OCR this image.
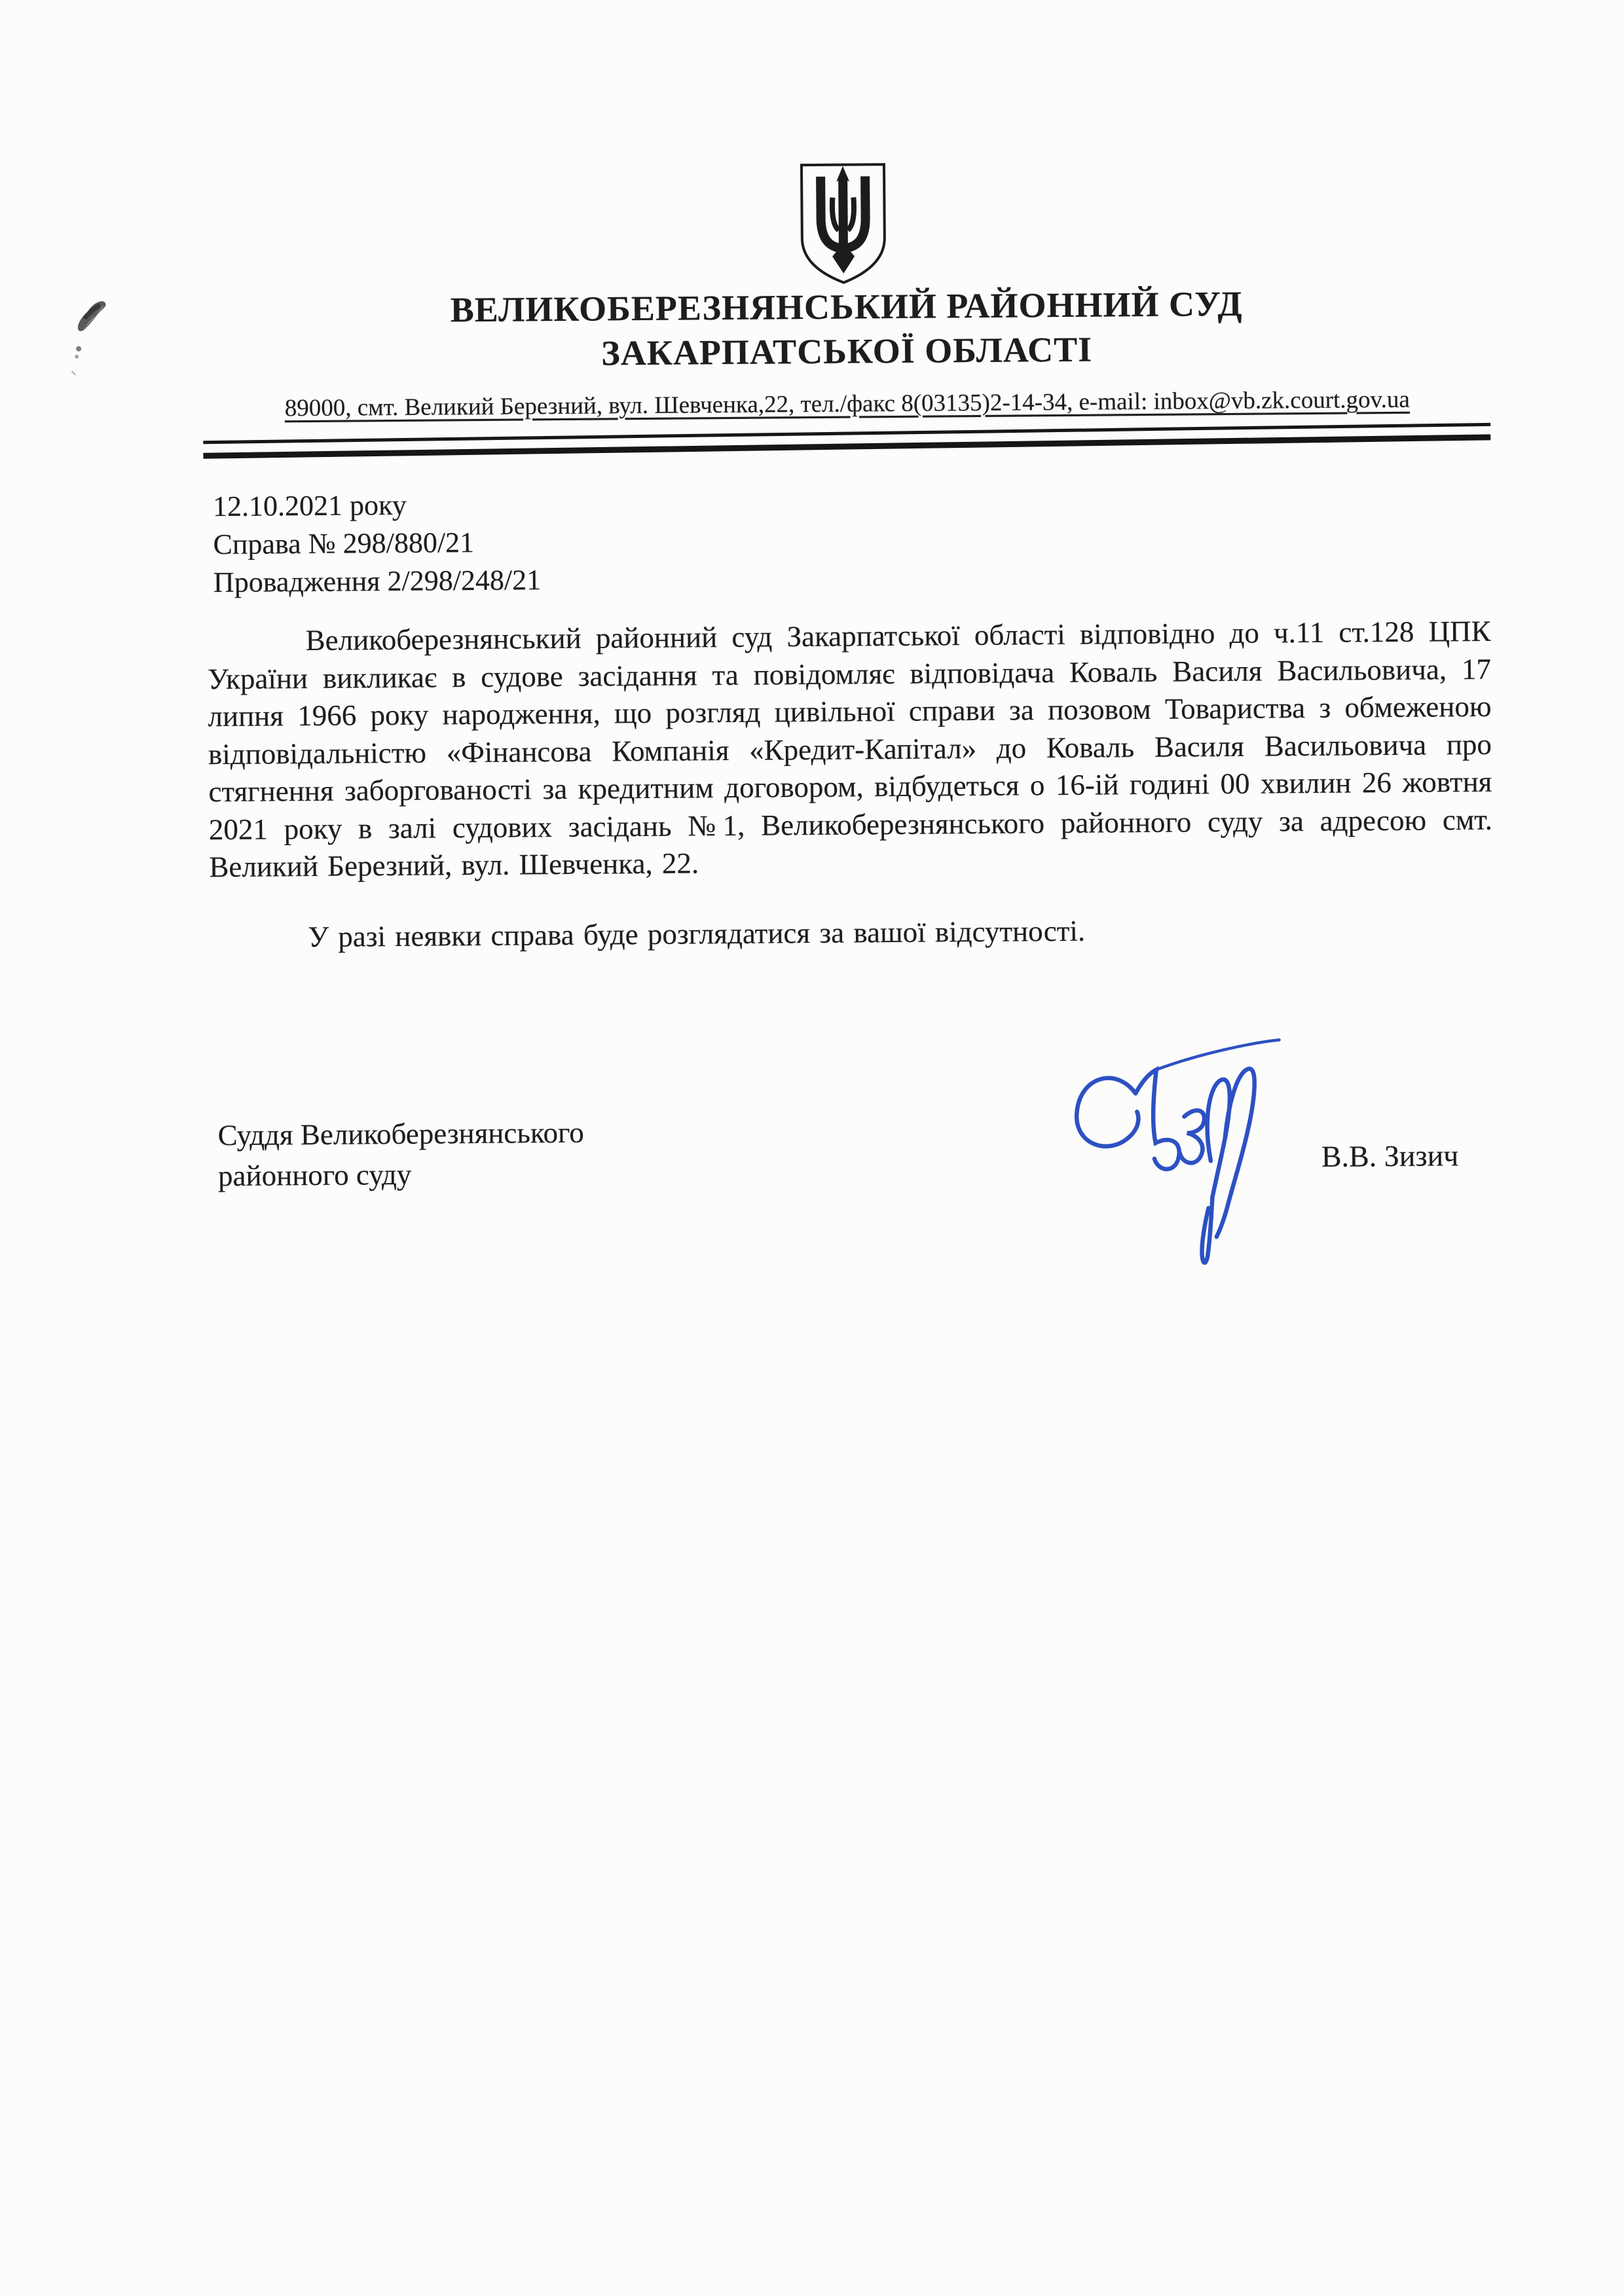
ВЕЛИКОБЕРЕЗНЯНСЬКИЙ РАЙОННИЙ СУД
ЗАКАРПАТСЬКОЇ ОБЛАСТІ
89000, смт. Великий Березний, вул. Шевченка,22, тел./факс 8(03135)2-14-34, e-mail: inbox@vb.zk.court.gov.ua
12.10.2021 року
Справа № 298/880/21
Провадження 2/298/248/21

Великоберезнянський районний суд Закарпатської області відповідно до ч.11 ст.128 ЦПК України викликає в судове засідання та повідомляє відповідача Коваль Василя Васильовича, 17 липня 1966 року народження, що розгляд цивільної справи за позовом Товариства з обмеженою відповідальністю «Фінансова Компанія «Кредит-Капітал» до Коваль Василя Васильовича про стягнення заборгованості за кредитним договором, відбудеться о 16-ій годині 00 хвилин 26 жовтня 2021 року в залі судових засідань №1, Великоберезнянського районного суду за адресою смт. Великий Березний, вул. Шевченка, 22.

У разі неявки справа буде розглядатися за вашої відсутності.

Суддя Великоберезнянського
районного суду
В.В. Зизич
